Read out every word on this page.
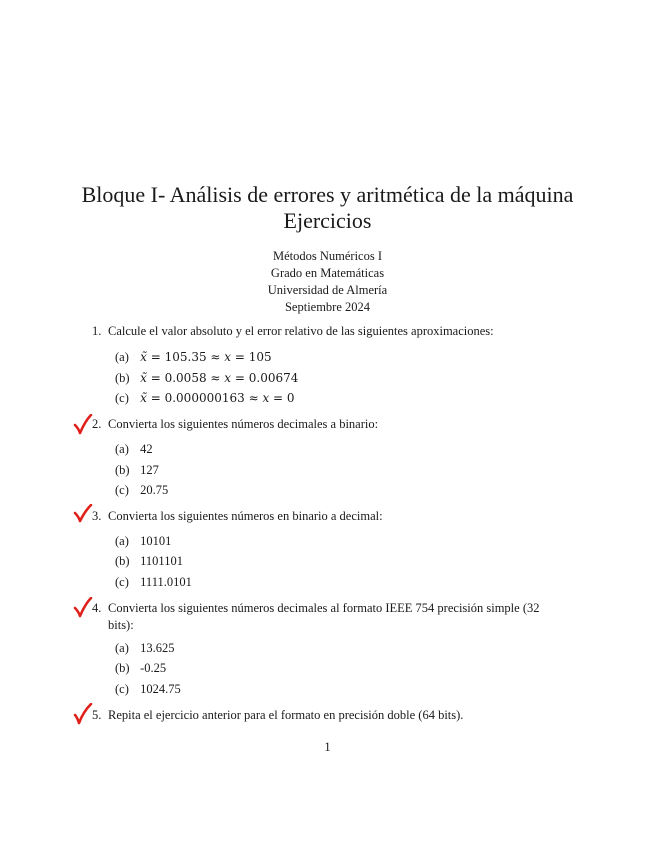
Bloque I- Análisis de errores y aritmética de la máquina
Ejercicios
Métodos Numéricos I
Grado en Matemáticas
Universidad de Almería
Septiembre 2024
1. Calcule el valor absoluto y el error relativo de las siguientes aproximaciones:
(a) x̃ = 105.35 ≈ x = 105
(b) x̃ = 0.0058 ≈ x = 0.00674
(c) x̃ = 0.000000163 ≈ x = 0
2. Convierta los siguientes números decimales a binario:
(a) 42
(b) 127
(c) 20.75
3. Convierta los siguientes números en binario a decimal:
(a) 10101
(b) 1101101
(c) 1111.0101
4. Convierta los siguientes números decimales al formato IEEE 754 precisión simple (32
bits):
(a) 13.625
(b) -0.25
(c) 1024.75
5. Repita el ejercicio anterior para el formato en precisión doble (64 bits).
1
